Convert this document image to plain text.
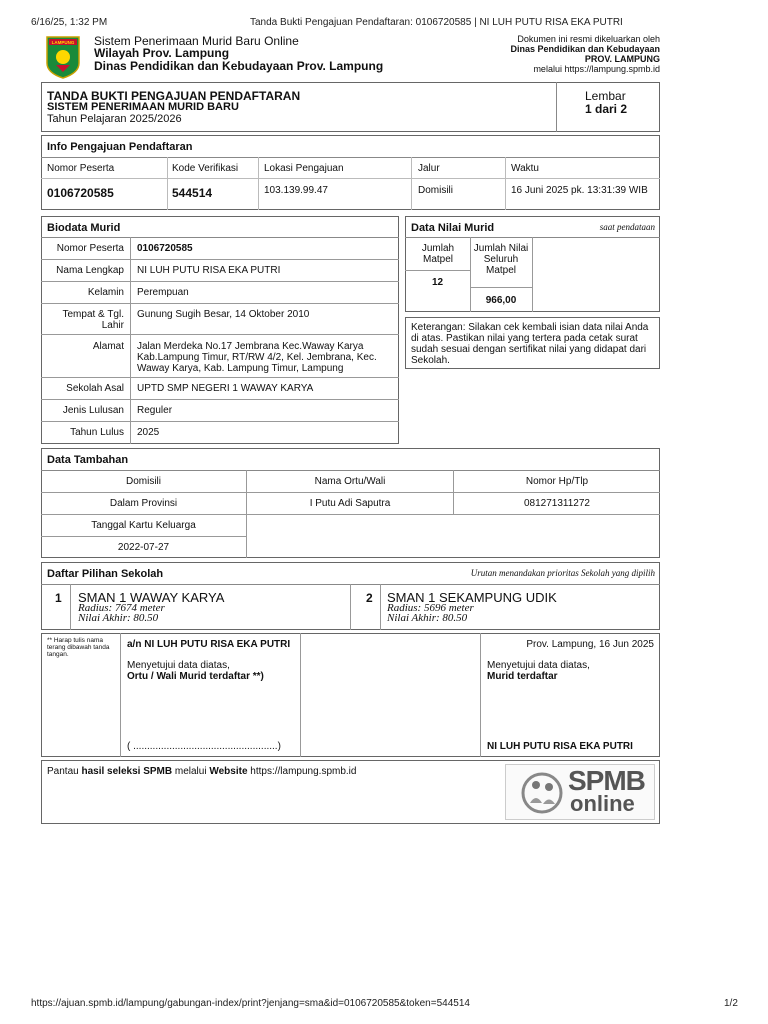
6/16/25, 1:32 PM	Tanda Bukti Pengajuan Pendaftaran: 0106720585 | NI LUH PUTU RISA EKA PUTRI
LAMPUNG Sistem Penerimaan Murid Baru Online
Wilayah Prov. Lampung
Dinas Pendidikan dan Kebudayaan Prov. Lampung
Dokumen ini resmi dikeluarkan oleh
Dinas Pendidikan dan Kebudayaan
PROV. LAMPUNG
melalui https://lampung.spmb.id
TANDA BUKTI PENGAJUAN PENDAFTARAN
SISTEM PENERIMAAN MURID BARU
Tahun Pelajaran 2025/2026
Lembar
1 dari 2
Info Pengajuan Pendaftaran
Nomor Peserta	Kode Verifikasi	Lokasi Pengajuan	Jalur	Waktu
0106720585	544514	103.139.99.47	Domisili	16 Juni 2025 pk. 13:31:39 WIB
Biodata Murid
Nomor Peserta 0106720585
Nama Lengkap NI LUH PUTU RISA EKA PUTRI
Kelamin Perempuan
Tempat & Tgl. Lahir
Gunung Sugih Besar, 14 Oktober 2010
Alamat Jalan Merdeka No.17 Jembrana Kec.Waway Karya Kab.Lampung Timur, RT/RW 4/2, Kel. Jembrana, Kec. Waway Karya, Kab. Lampung Timur, Lampung
Sekolah Asal UPTD SMP NEGERI 1 WAWAY KARYA
Jenis Lulusan Reguler
Tahun Lulus 2025
Data Nilai Murid	saat pendataan
Jumlah Matpel
12
Jumlah Nilai Seluruh Matpel
966,00
Keterangan: Silakan cek kembali isian data nilai Anda di atas. Pastikan nilai yang tertera pada cetak surat sudah sesuai dengan sertifikat nilai yang didapat dari Sekolah.
Data Tambahan
Domisili	Nama Ortu/Wali	Nomor Hp/Tlp
Dalam Provinsi	I Putu Adi Saputra	081271311272
Tanggal Kartu Keluarga
2022-07-27
Daftar Pilihan Sekolah	Urutan menandakan prioritas Sekolah yang dipilih
1 SMAN 1 WAWAY KARYA
Radius: 7674 meter
Nilai Akhir: 80.50
2 SMAN 1 SEKAMPUNG UDIK
Radius: 5696 meter
Nilai Akhir: 80.50
** Harap tulis nama terang dibawah tanda tangan.
a/n NI LUH PUTU RISA EKA PUTRI
Menyetujui data diatas,
Ortu / Wali Murid terdaftar **)
( ....................................................)
Prov. Lampung, 16 Jun 2025
Menyetujui data diatas,
Murid terdaftar
NI LUH PUTU RISA EKA PUTRI
Pantau hasil seleksi SPMB melalui Website https://lampung.spmb.id	SPMB
online
https://ajuan.spmb.id/lampung/gabungan-index/print?jenjang=sma&id=0106720585&token=544514	1/2
